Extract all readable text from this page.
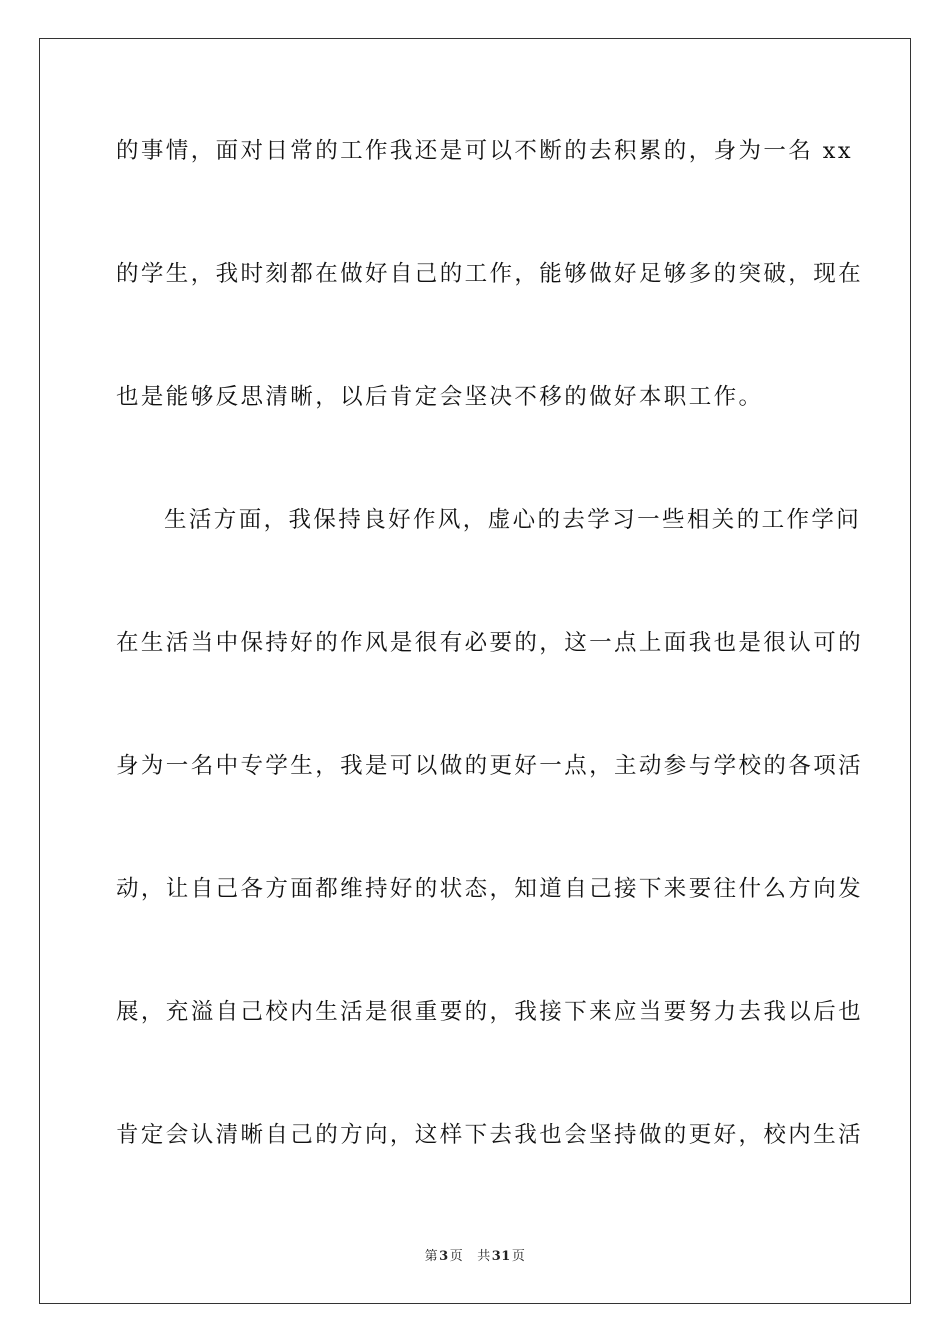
的事情，面对日常的工作我还是可以不断的去积累的，身为一名 xx
的学生，我时刻都在做好自己的工作，能够做好足够多的突破，现在
也是能够反思清晰，以后肯定会坚决不移的做好本职工作。
生活方面，我保持良好作风，虚心的去学习一些相关的工作学问
在生活当中保持好的作风是很有必要的，这一点上面我也是很认可的
身为一名中专学生，我是可以做的更好一点，主动参与学校的各项活
动，让自己各方面都维持好的状态，知道自己接下来要往什么方向发
展，充溢自己校内生活是很重要的，我接下来应当要努力去我以后也
肯定会认清晰自己的方向，这样下去我也会坚持做的更好，校内生活
第3页 共31页
